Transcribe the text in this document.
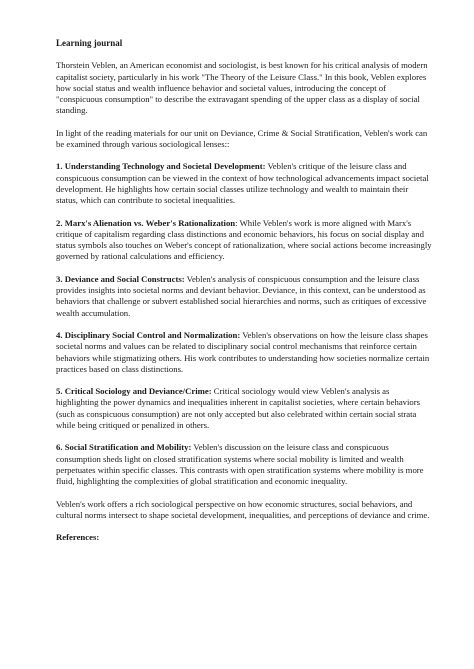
Learning journal

Thorstein Veblen, an American economist and sociologist, is best known for his critical analysis of modern capitalist society, particularly in his work "The Theory of the Leisure Class." In this book, Veblen explores how social status and wealth influence behavior and societal values, introducing the concept of "conspicuous consumption" to describe the extravagant spending of the upper class as a display of social standing.

In light of the reading materials for our unit on Deviance, Crime & Social Stratification, Veblen's work can be examined through various sociological lenses::

1. Understanding Technology and Societal Development: Veblen's critique of the leisure class and conspicuous consumption can be viewed in the context of how technological advancements impact societal development. He highlights how certain social classes utilize technology and wealth to maintain their status, which can contribute to societal inequalities.

2. Marx's Alienation vs. Weber's Rationalization: While Veblen's work is more aligned with Marx's critique of capitalism regarding class distinctions and economic behaviors, his focus on social display and status symbols also touches on Weber's concept of rationalization, where social actions become increasingly governed by rational calculations and efficiency.

3. Deviance and Social Constructs: Veblen's analysis of conspicuous consumption and the leisure class provides insights into societal norms and deviant behavior. Deviance, in this context, can be understood as behaviors that challenge or subvert established social hierarchies and norms, such as critiques of excessive wealth accumulation.

4. Disciplinary Social Control and Normalization: Veblen's observations on how the leisure class shapes societal norms and values can be related to disciplinary social control mechanisms that reinforce certain behaviors while stigmatizing others. His work contributes to understanding how societies normalize certain practices based on class distinctions.

5. Critical Sociology and Deviance/Crime: Critical sociology would view Veblen's analysis as highlighting the power dynamics and inequalities inherent in capitalist societies, where certain behaviors (such as conspicuous consumption) are not only accepted but also celebrated within certain social strata while being critiqued or penalized in others.

6. Social Stratification and Mobility: Veblen's discussion on the leisure class and conspicuous consumption sheds light on closed stratification systems where social mobility is limited and wealth perpetuates within specific classes. This contrasts with open stratification systems where mobility is more fluid, highlighting the complexities of global stratification and economic inequality.

Veblen's work offers a rich sociological perspective on how economic structures, social behaviors, and cultural norms intersect to shape societal development, inequalities, and perceptions of deviance and crime.

References:
